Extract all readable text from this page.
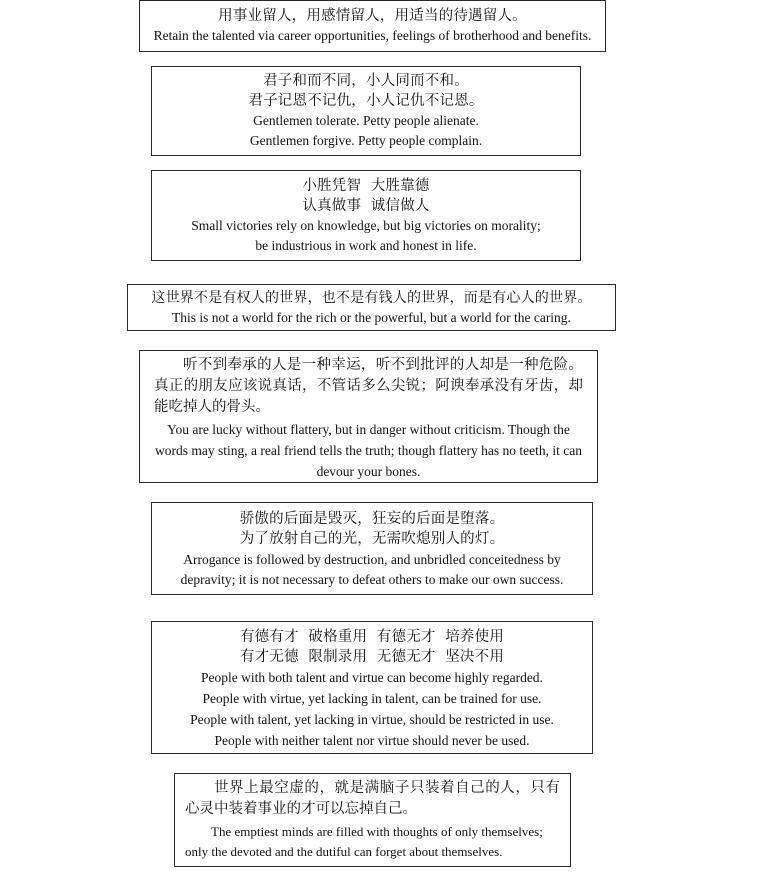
用事业留人，用感情留人，用适当的待遇留人。
Retain the talented via career opportunities, feelings of brotherhood and benefits.
君子和而不同，小人同而不和。
君子记恩不记仇，小人记仇不记恩。
Gentlemen tolerate. Petty people alienate.
Gentlemen forgive. Petty people complain.
小胜凭智  大胜靠德
认真做事  诚信做人
Small victories rely on knowledge, but big victories on morality;
be industrious in work and honest in life.
这世界不是有权人的世界，也不是有钱人的世界，而是有心人的世界。
This is not a world for the rich or the powerful, but a world for the caring.
听不到奉承的人是一种幸运，听不到批评的人却是一种危险。真正的朋友应该说真话，不管话多么尖锐；阿谀奉承没有牙齿，却能吃掉人的骨头。
You are lucky without flattery, but in danger without criticism. Though the words may sting, a real friend tells the truth; though flattery has no teeth, it can devour your bones.
骄傲的后面是毁灭，狂妄的后面是堕落。
为了放射自己的光，无需吹熄别人的灯。
Arrogance is followed by destruction, and unbridled conceitedness by
depravity; it is not necessary to defeat others to make our own success.
有德有才  破格重用  有德无才  培养使用
有才无德  限制录用  无德无才  坚决不用
People with both talent and virtue can become highly regarded.
People with virtue, yet lacking in talent, can be trained for use.
People with talent, yet lacking in virtue, should be restricted in use.
People with neither talent nor virtue should never be used.
世界上最空虚的，就是满脑子只装着自己的人，只有心灵中装着事业的才可以忘掉自己。
The emptiest minds are filled with thoughts of only themselves;
only the devoted and the dutiful can forget about themselves.
